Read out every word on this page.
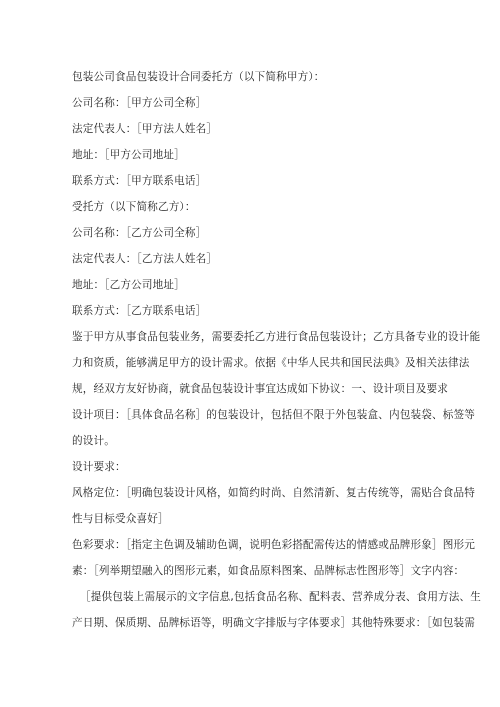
包装公司食品包装设计合同委托方（以下简称甲方）：
公司名称：［甲方公司全称］
法定代表人：［甲方法人姓名］
地址：［甲方公司地址］
联系方式：［甲方联系电话］
受托方（以下简称乙方）：
公司名称：［乙方公司全称］
法定代表人：［乙方法人姓名］
地址：［乙方公司地址］
联系方式：［乙方联系电话］
鉴于甲方从事食品包装业务，需要委托乙方进行食品包装设计；乙方具备专业的设计能
力和资质，能够满足甲方的设计需求。依据《中华人民共和国民法典》及相关法律法
规，经双方友好协商，就食品包装设计事宜达成如下协议：一、设计项目及要求
设计项目：［具体食品名称］的包装设计，包括但不限于外包装盒、内包装袋、标签等
的设计。
设计要求：
风格定位：［明确包装设计风格，如简约时尚、自然清新、复古传统等，需贴合食品特
性与目标受众喜好］
色彩要求：［指定主色调及辅助色调，说明色彩搭配需传达的情感或品牌形象］图形元
素：［列举期望融入的图形元素，如食品原料图案、品牌标志性图形等］文字内容：
［提供包装上需展示的文字信息,包括食品名称、配料表、营养成分表、食用方法、生
产日期、保质期、品牌标语等，明确文字排版与字体要求］其他特殊要求：［如包装需
